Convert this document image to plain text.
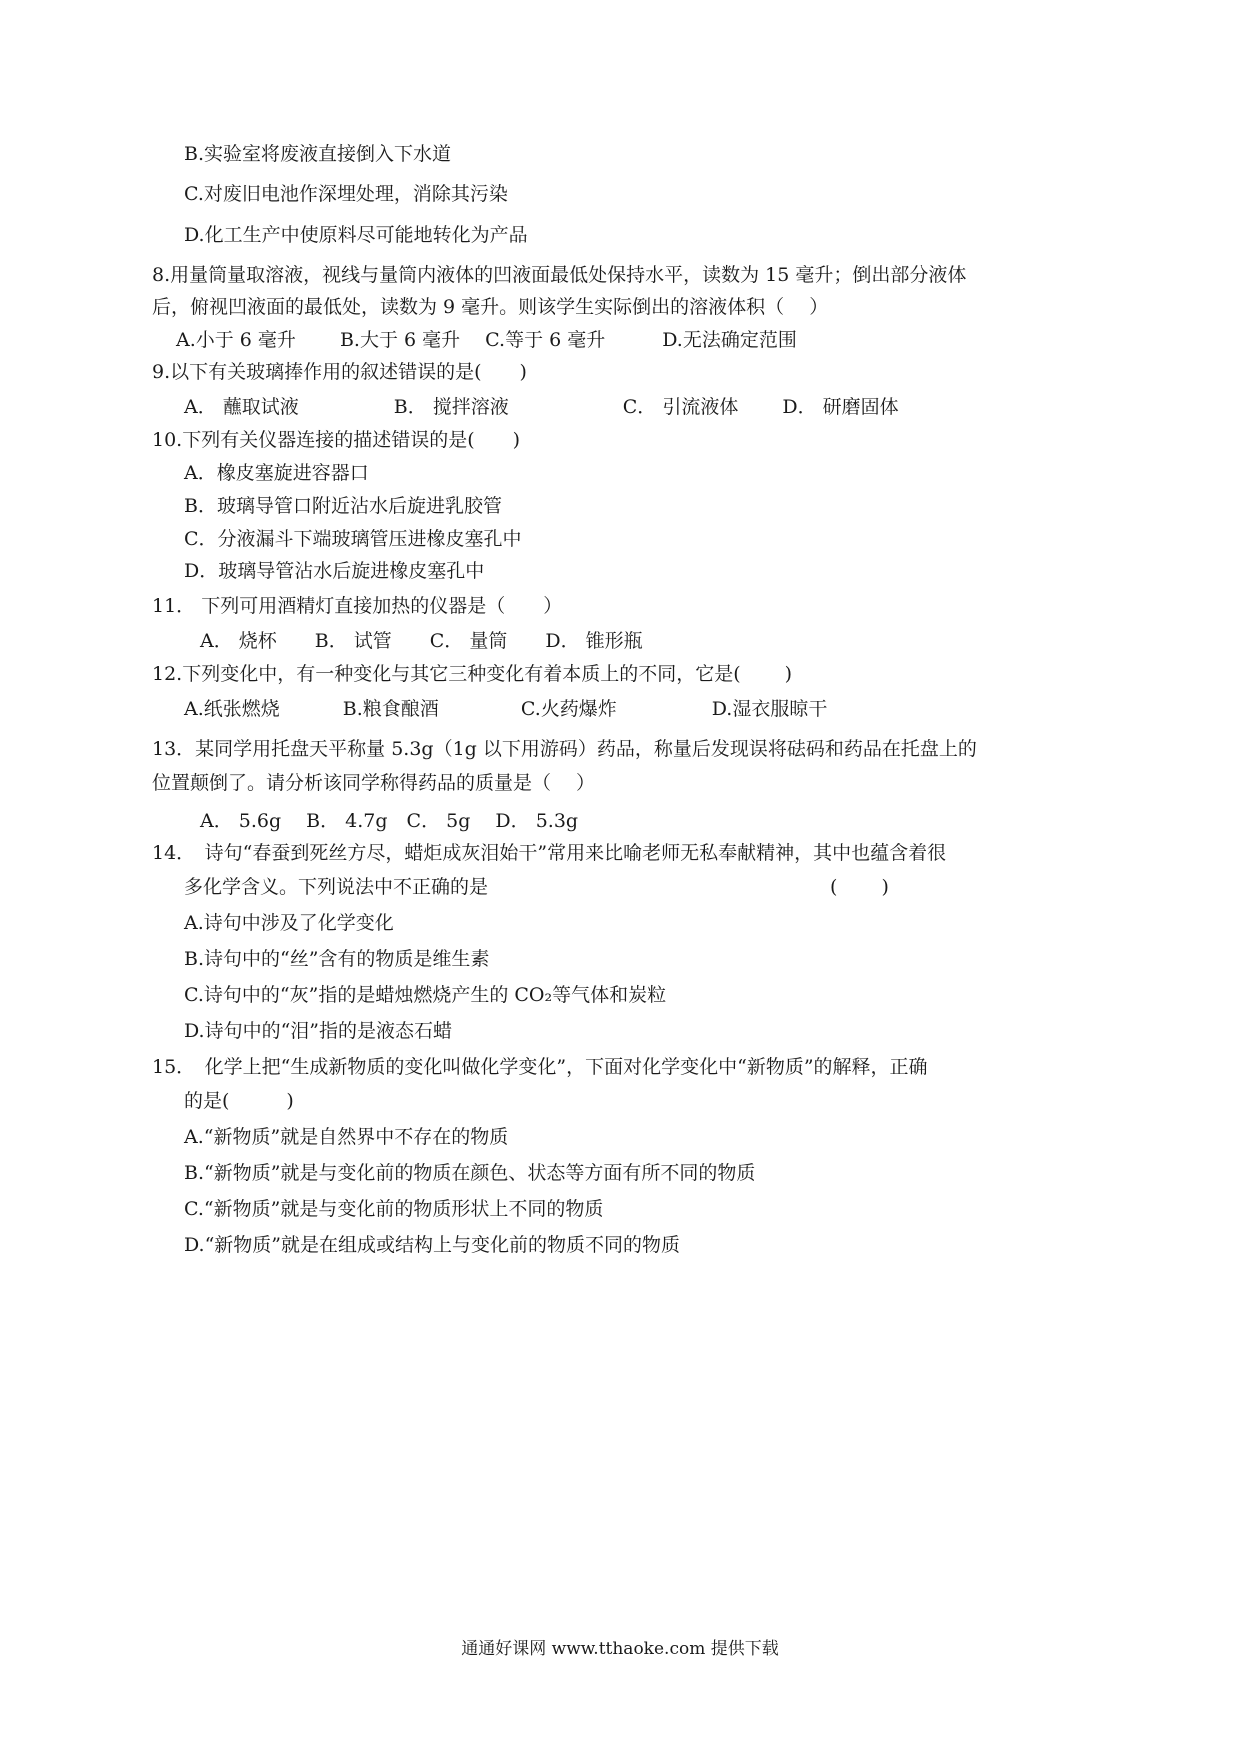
B.实验室将废液直接倒入下水道
C.对废旧电池作深埋处理，消除其污染
D.化工生产中使原料尽可能地转化为产品
8.用量筒量取溶液，视线与量筒内液体的凹液面最低处保持水平，读数为 15 毫升；倒出部分液体
后，俯视凹液面的最低处，读数为 9 毫升。则该学生实际倒出的溶液体积（　 ）
A.小于 6 毫升　　 B.大于 6 毫升　 C.等于 6 毫升　　　D.无法确定范围
9.以下有关玻璃捧作用的叙述错误的是(　　)
A． 蘸取试液　　　　　B． 搅拌溶液　　　　　　C． 引流液体　　 D． 研磨固体
10.下列有关仪器连接的描述错误的是(　　)
A．橡皮塞旋进容器口
B．玻璃导管口附近沾水后旋进乳胶管
C．分液漏斗下端玻璃管压进橡皮塞孔中
D．玻璃导管沾水后旋进橡皮塞孔中
11． 下列可用酒精灯直接加热的仪器是（　　）
A． 烧杯　　B． 试管　　C． 量筒　　D． 锥形瓶
12.下列变化中，有一种变化与其它三种变化有着本质上的不同，它是(　　 )
A.纸张燃烧　　　 B.粮食酿酒　　　　 C.火药爆炸　　　　　D.湿衣服晾干
13．某同学用托盘天平称量 5.3g（1g 以下用游码）药品，称量后发现误将砝码和药品在托盘上的
位置颠倒了。请分析该同学称得药品的质量是（　 ）
A． 5.6g　 B． 4.7g　C． 5g　 D． 5.3g
14．　诗句“春蚕到死丝方尽，蜡炬成灰泪始干”常用来比喻老师无私奉献精神，其中也蕴含着很
多化学含义。下列说法中不正确的是　　　　　　　　　　　　　　　　　　(　　 )
A.诗句中涉及了化学变化
B.诗句中的“丝”含有的物质是维生素
C.诗句中的“灰”指的是蜡烛燃烧产生的 CO₂等气体和炭粒
D.诗句中的“泪”指的是液态石蜡
15．　化学上把“生成新物质的变化叫做化学变化”，下面对化学变化中“新物质”的解释，正确
的是(　　　)
A.“新物质”就是自然界中不存在的物质
B.“新物质”就是与变化前的物质在颜色、状态等方面有所不同的物质
C.“新物质”就是与变化前的物质形状上不同的物质
D.“新物质”就是在组成或结构上与变化前的物质不同的物质
通通好课网 www.tthaoke.com 提供下载
